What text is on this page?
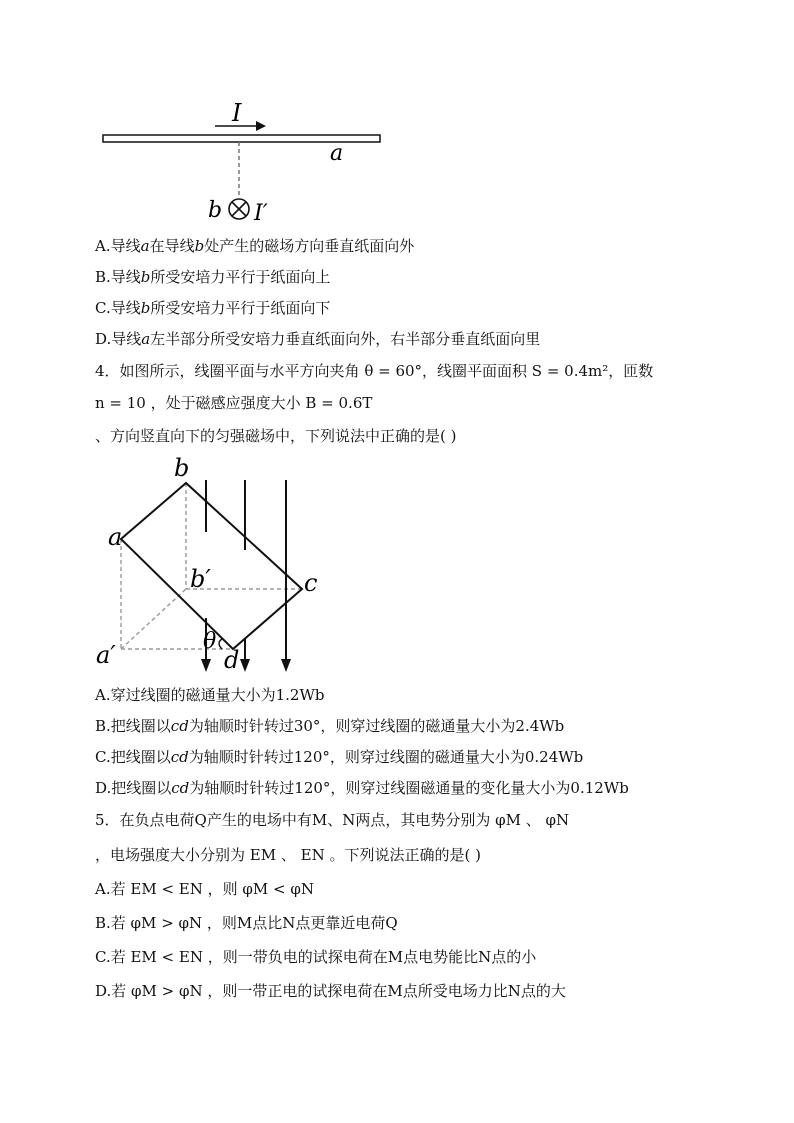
I
a
b I′
A.导线a在导线b处产生的磁场方向垂直纸面向外
B.导线b所受安培力平行于纸面向上
C.导线b所受安培力平行于纸面向下
D.导线a左半部分所受安培力垂直纸面向外，右半部分垂直纸面向里
4．如图所示，线圈平面与水平方向夹角 θ = 60°，线圈平面面积 S = 0.4m²，匝数
n = 10 ，处于磁感应强度大小 B = 0.6T
、方向竖直向下的匀强磁场中，下列说法中正确的是( )
b
a
c
b′
a′	d
θ
A.穿过线圈的磁通量大小为1.2Wb
B.把线圈以cd为轴顺时针转过30°，则穿过线圈的磁通量大小为2.4Wb
C.把线圈以cd为轴顺时针转过120°，则穿过线圈的磁通量大小为0.24Wb
D.把线圈以cd为轴顺时针转过120°，则穿过线圈磁通量的变化量大小为0.12Wb
5．在负点电荷Q产生的电场中有M、N两点，其电势分别为 φM 、 φN
，电场强度大小分别为 EM 、 EN 。下列说法正确的是( )
A.若 EM < EN ，则 φM < φN
B.若 φM > φN ，则M点比N点更靠近电荷Q
C.若 EM < EN ，则一带负电的试探电荷在M点电势能比N点的小
D.若 φM > φN ，则一带正电的试探电荷在M点所受电场力比N点的大
